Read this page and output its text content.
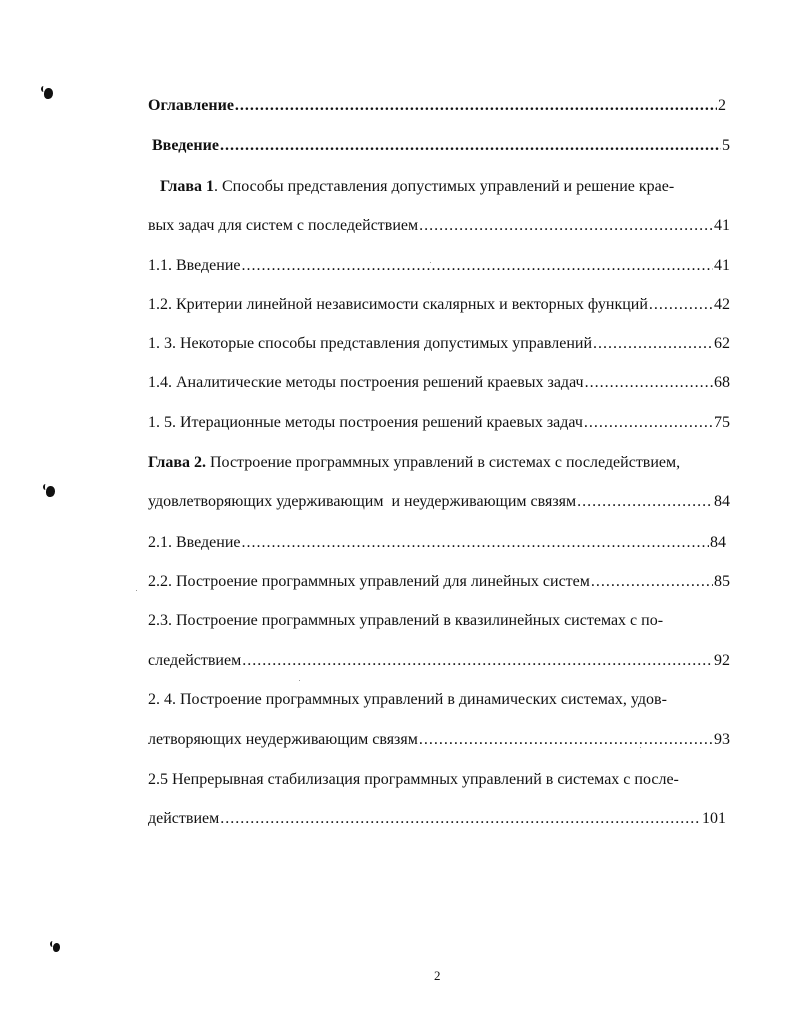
Оглавление .....	2
Введение .....	5
Глава 1. Способы представления допустимых управлений и решение крае-
вых задач для систем с последействием .....	41
1.1. Введение .....	41
1.2. Критерии линейной независимости скалярных и векторных функций .....	42
1. 3. Некоторые способы представления допустимых управлений .....	62
1.4. Аналитические методы построения решений краевых задач .....	68
1. 5. Итерационные методы построения решений краевых задач .....	75
Глава 2. Построение программных управлений в системах с последействием,
удовлетворяющих удерживающим  и неудерживающим связям .....	84
2.1. Введение .....	84
2.2. Построение программных управлений для линейных систем .....	85
2.3. Построение программных управлений в квазилинейных системах с по-
следействием .....	92
2. 4. Построение программных управлений в динамических системах, удов-
летворяющих неудерживающим связям .....	93
2.5 Непрерывная стабилизация программных управлений в системах с после-
действием .....	101
2
